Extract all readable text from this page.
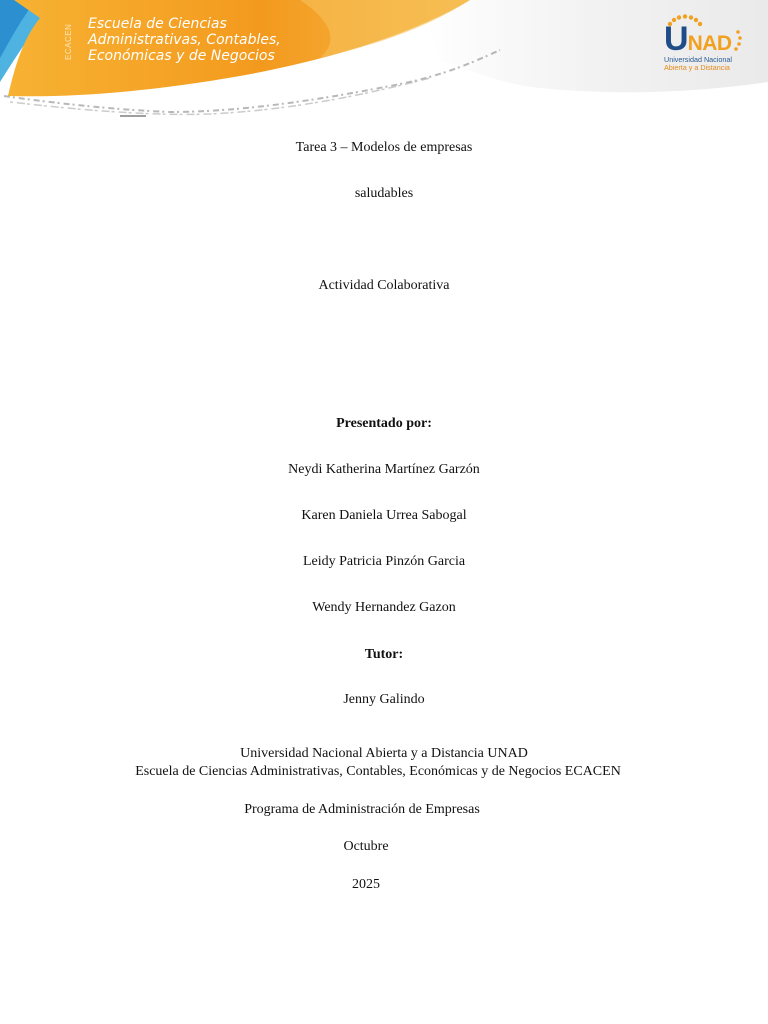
ECACEN Escuela de Ciencias
Administrativas, Contables,
Económicas y de Negocios	UNAD
Universidad Nacional
Abierta y a Distancia
Tarea 3 – Modelos de empresas
saludables
Actividad Colaborativa
Presentado por:
Neydi Katherina Martínez Garzón
Karen Daniela Urrea Sabogal
Leidy Patricia Pinzón Garcia
Wendy Hernandez Gazon
Tutor:
Jenny Galindo
Universidad Nacional Abierta y a Distancia UNAD
Escuela de Ciencias Administrativas, Contables, Económicas y de Negocios ECACEN
Programa de Administración de Empresas
Octubre
2025
